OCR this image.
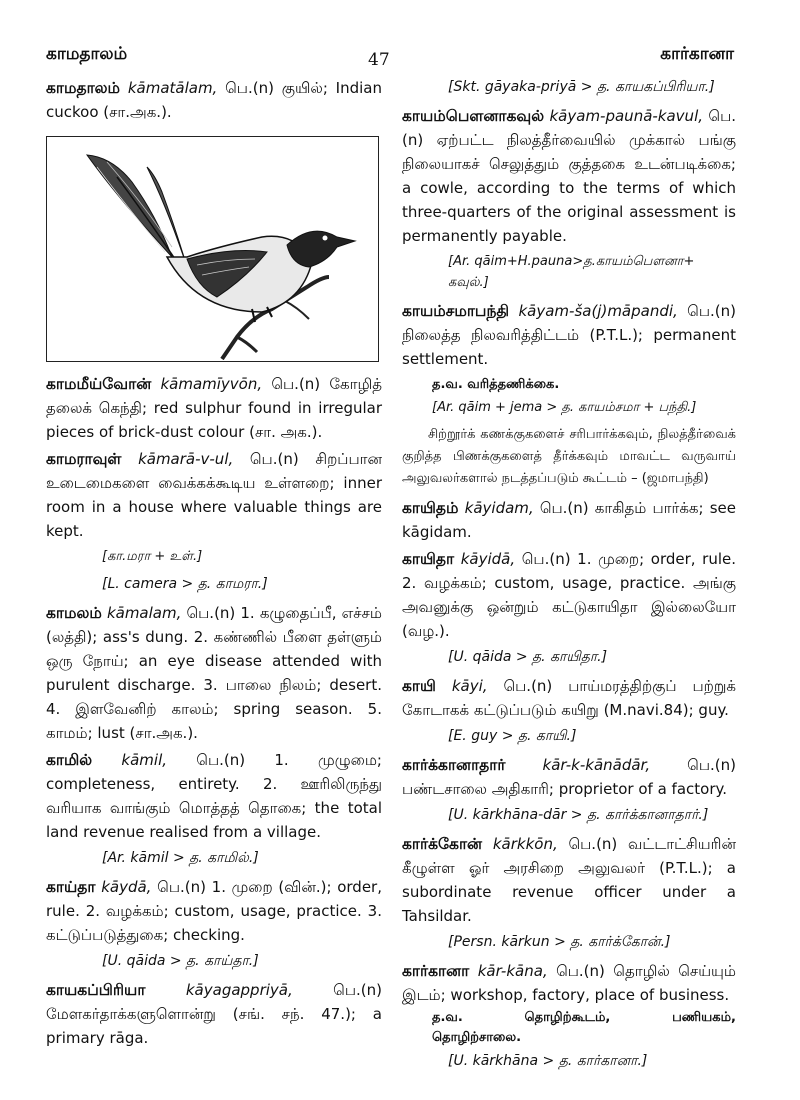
காமதாலம்	47	கார்கானா

காமதாலம் kāmatālam, பெ.(n) குயில்; Indian cuckoo (சா.அக.).

காமமீய்வோன் kāmamīyvōn, பெ.(n) கோழித் தலைக் கெந்தி; red sulphur found in irregular pieces of brick-dust colour (சா. அக.).

காமராவுள் kāmarā-v-ul, பெ.(n) சிறப்பான உடைமைகளை வைக்கக்கூடிய உள்ளறை; inner room in a house where valuable things are kept.

[கா.மரா + உள்.]

[L. camera > த. காமரா.]

காமலம் kāmalam, பெ.(n) 1. கழுதைப்பீ, எச்சம் (லத்தி); ass's dung. 2. கண்ணில் பீளை தள்ளும் ஒரு நோய்; an eye disease attended with purulent discharge. 3. பாலை நிலம்; desert. 4. இளவேனிற் காலம்; spring season. 5. காமம்; lust (சா.அக.).

காமில் kāmil, பெ.(n) 1. முழுமை; completeness, entirety. 2. ஊரிலிருந்து வரியாக வாங்கும் மொத்தத் தொகை; the total land revenue realised from a village.

[Ar. kāmil > த. காமில்.]

காய்தா kāydā, பெ.(n) 1. முறை (வின்.); order, rule. 2. வழக்கம்; custom, usage, practice. 3. கட்டுப்படுத்துகை; checking.

[U. qāida > த. காய்தா.]

காயகப்பிரியா	kāyagappriyā, பெ.(n) மேளகர்தாக்களுளொன்று (சங். சந். 47.); a primary rāga.

[Skt. gāyaka-priyā > த. காயகப்பிரியா.]

காயம்பௌனாகவுல் kāyam-paunā-kavul, பெ.(n) ஏற்பட்ட நிலத்தீர்வையில் முக்கால் பங்கு நிலையாகச் செலுத்தும் குத்தகை உடன்படிக்கை; a cowle, according to the terms of which three-quarters of the original assessment is permanently payable.

[Ar. qāim+H.pauna>த.காயம்பௌனா+ கவுல்.]

காயம்சமாபந்தி kāyam-ša(j)māpandi, பெ.(n) நிலைத்த நிலவரித்திட்டம் (P.T.L.); permanent settlement.

த.வ. வரித்தணிக்கை.

[Ar. qāim + jema > த. காயம்சமா + பந்தி.]

சிற்றூர்க் கணக்குகளைச் சரிபார்க்கவும், நிலத்தீர்வைக் குறித்த பிணக்குகளைத் தீர்க்கவும் மாவட்ட வருவாய் அலுவலர்களால் நடத்தப்படும் கூட்டம் – (ஜமாபந்தி)

காயிதம் kāyidam, பெ.(n) காகிதம் பார்க்க; see kāgidam.

காயிதா kāyidā, பெ.(n) 1. முறை; order, rule. 2. வழக்கம்; custom, usage, practice. அங்கு அவனுக்கு ஒன்றும் கட்டுகாயிதா இல்லையோ (வழ.).

[U. qāida > த. காயிதா.]

காயி kāyi, பெ.(n) பாய்மரத்திற்குப் பற்றுக் கோடாகக் கட்டுப்படும் கயிறு (M.navi.84); guy.

[E. guy > த. காயி.]

கார்க்கானாதார் kār-k-kānādār, பெ.(n) பண்டசாலை அதிகாரி; proprietor of a factory.

[U. kārkhāna-dār > த. கார்க்கானாதார்.]

கார்க்கோன் kārkkōn, பெ.(n) வட்டாட்சியரின் கீழுள்ள ஓர் அரசிறை அலுவலர் (P.T.L.); a subordinate revenue officer under a Tahsildar.

[Persn. kārkun > த. கார்க்கோன்.]

கார்கானா kār-kāna, பெ.(n) தொழில் செய்யும் இடம்; workshop, factory, place of business.

த.வ.	தொழிற்கூடம்,	பணியகம்,

தொழிற்சாலை.

[U. kārkhāna > த. கார்கானா.]
